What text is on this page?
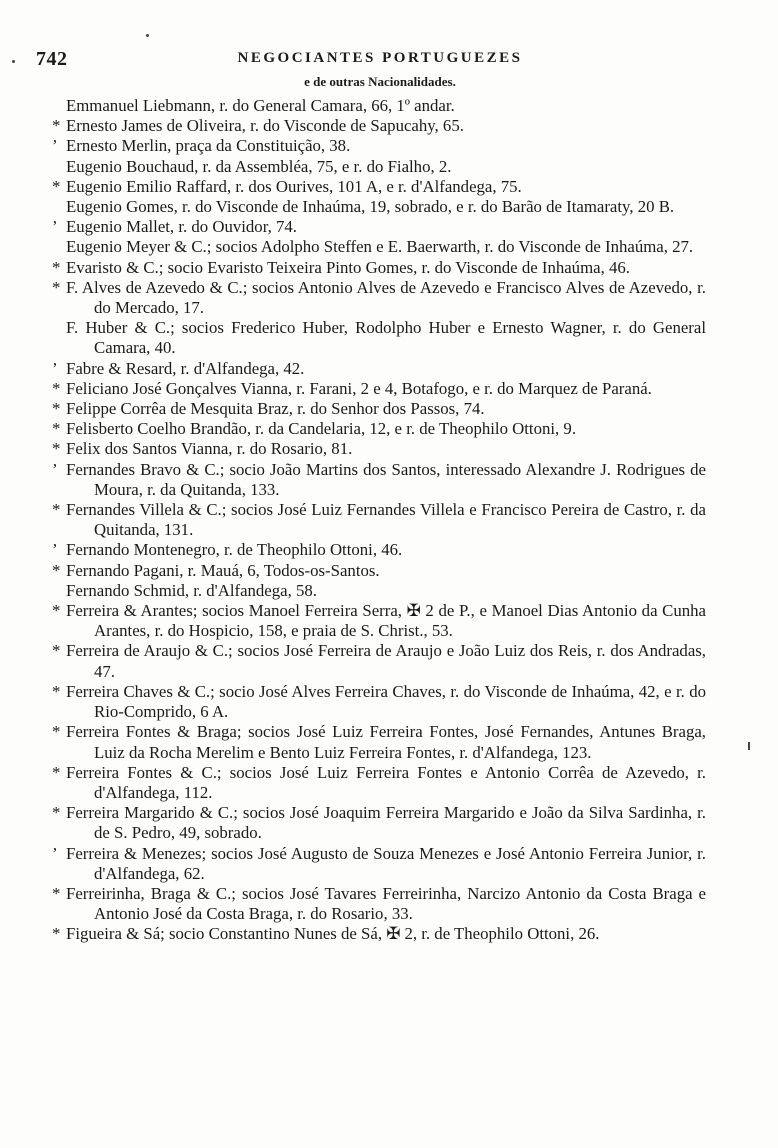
742	NEGOCIANTES PORTUGUEZES
e de outras Nacionalidades.
Emmanuel Liebmann, r. do General Camara, 66, 1º andar.
*Ernesto James de Oliveira, r. do Visconde de Sapucahy, 65.
’Ernesto Merlin, praça da Constituição, 38.
Eugenio Bouchaud, r. da Assembléa, 75, e r. do Fialho, 2.
*Eugenio Emilio Raffard, r. dos Ourives, 101 A, e r. d'Alfandega, 75.
Eugenio Gomes, r. do Visconde de Inhaúma, 19, sobrado, e r. do Barão de Itamaraty, 20 B.
’Eugenio Mallet, r. do Ouvidor, 74.
Eugenio Meyer & C.; socios Adolpho Steffen e E. Baerwarth, r. do Visconde de Inhaúma, 27.
*Evaristo & C.; socio Evaristo Teixeira Pinto Gomes, r. do Visconde de Inhaúma, 46.
*F. Alves de Azevedo & C.; socios Antonio Alves de Azevedo e Francisco Alves de Azevedo, r. do Mercado, 17.
F. Huber & C.; socios Frederico Huber, Rodolpho Huber e Ernesto Wagner, r. do General Camara, 40.
’Fabre & Resard, r. d'Alfandega, 42.
*Feliciano José Gonçalves Vianna, r. Farani, 2 e 4, Botafogo, e r. do Marquez de Paraná.
*Felippe Corrêa de Mesquita Braz, r. do Senhor dos Passos, 74.
*Felisberto Coelho Brandão, r. da Candelaria, 12, e r. de Theophilo Ottoni, 9.
*Felix dos Santos Vianna, r. do Rosario, 81.
’Fernandes Bravo & C.; socio João Martins dos Santos, interessado Alexandre J. Rodrigues de Moura, r. da Quitanda, 133.
*Fernandes Villela & C.; socios José Luiz Fernandes Villela e Francisco Pereira de Castro, r. da Quitanda, 131.
’Fernando Montenegro, r. de Theophilo Ottoni, 46.
*Fernando Pagani, r. Mauá, 6, Todos-os-Santos.
Fernando Schmid, r. d'Alfandega, 58.
*Ferreira & Arantes; socios Manoel Ferreira Serra, ✠ 2 de P., e Manoel Dias Antonio da Cunha Arantes, r. do Hospicio, 158, e praia de S. Christ., 53.
*Ferreira de Araujo & C.; socios José Ferreira de Araujo e João Luiz dos Reis, r. dos Andradas, 47.
*Ferreira Chaves & C.; socio José Alves Ferreira Chaves, r. do Visconde de Inhaúma, 42, e r. do Rio-Comprido, 6 A.
*Ferreira Fontes & Braga; socios José Luiz Ferreira Fontes, José Fernandes, Antunes Braga, Luiz da Rocha Merelim e Bento Luiz Ferreira Fontes, r. d'Alfandega, 123.
*Ferreira Fontes & C.; socios José Luiz Ferreira Fontes e Antonio Corrêa de Azevedo, r. d'Alfandega, 112.
*Ferreira Margarido & C.; socios José Joaquim Ferreira Margarido e João da Silva Sardinha, r. de S. Pedro, 49, sobrado.
’Ferreira & Menezes; socios José Augusto de Souza Menezes e José Antonio Ferreira Junior, r. d'Alfandega, 62.
*Ferreirinha, Braga & C.; socios José Tavares Ferreirinha, Narcizo Antonio da Costa Braga e Antonio José da Costa Braga, r. do Rosario, 33.
*Figueira & Sá; socio Constantino Nunes de Sá, ✠ 2, r. de Theophilo Ottoni, 26.
